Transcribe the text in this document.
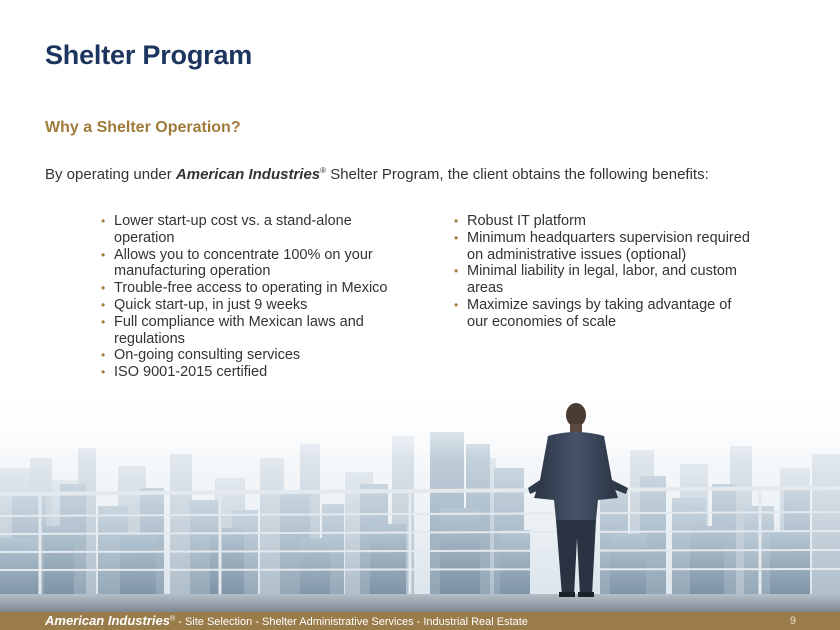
Shelter Program
Why a Shelter Operation?
By operating under American Industries® Shelter Program, the client obtains the following benefits:
• Lower start-up cost vs. a stand-alone operation
• Allows you to concentrate 100% on your manufacturing operation
• Trouble-free access to operating in Mexico
• Quick start-up, in just 9 weeks
• Full compliance with Mexican laws and regulations
• On-going consulting services
• ISO 9001-2015 certified
• Robust IT platform
• Minimum headquarters supervision required on administrative issues (optional)
• Minimal liability in legal, labor, and custom areas
• Maximize savings by taking advantage of our economies of scale
American Industries® - Site Selection - Shelter Administrative Services - Industrial Real Estate	9
